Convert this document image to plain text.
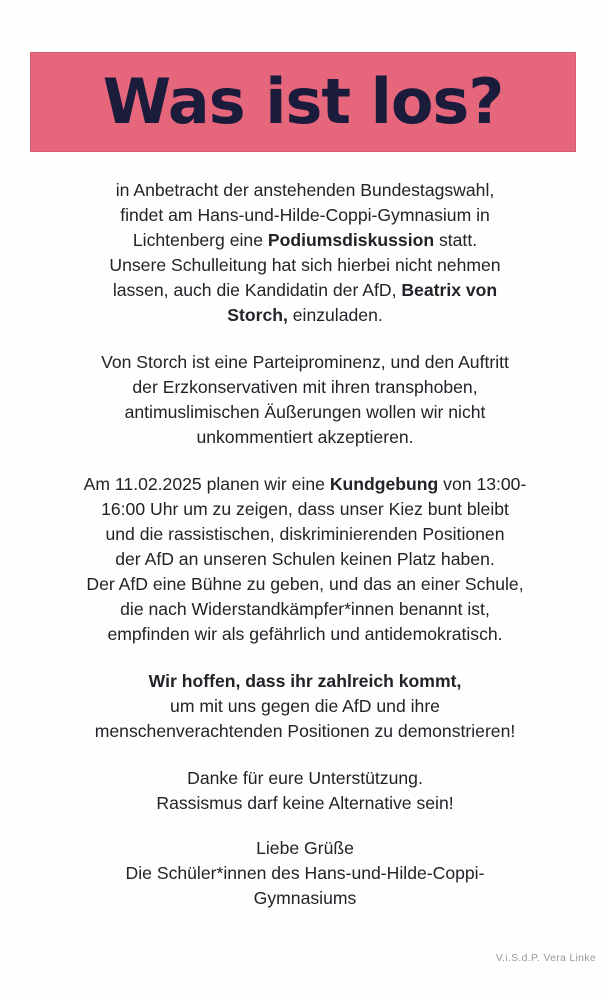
Was ist los?

in Anbetracht der anstehenden Bundestagswahl,
findet am Hans-und-Hilde-Coppi-Gymnasium in
Lichtenberg eine Podiumsdiskussion statt.
Unsere Schulleitung hat sich hierbei nicht nehmen
lassen, auch die Kandidatin der AfD, Beatrix von
Storch, einzuladen.

Von Storch ist eine Parteiprominenz, und den Auftritt
der Erzkonservativen mit ihren transphoben,
antimuslimischen Äußerungen wollen wir nicht
unkommentiert akzeptieren.

Am 11.02.2025 planen wir eine Kundgebung von 13:00-
16:00 Uhr um zu zeigen, dass unser Kiez bunt bleibt
und die rassistischen, diskriminierenden Positionen
der AfD an unseren Schulen keinen Platz haben.
Der AfD eine Bühne zu geben, und das an einer Schule,
die nach Widerstandkämpfer*innen benannt ist,
empfinden wir als gefährlich und antidemokratisch.

Wir hoffen, dass ihr zahlreich kommt,
um mit uns gegen die AfD und ihre
menschenverachtenden Positionen zu demonstrieren!

Danke für eure Unterstützung.
Rassismus darf keine Alternative sein!

Liebe Grüße
Die Schüler*innen des Hans-und-Hilde-Coppi-
Gymnasiums

V.i.S.d.P. Vera Linke
